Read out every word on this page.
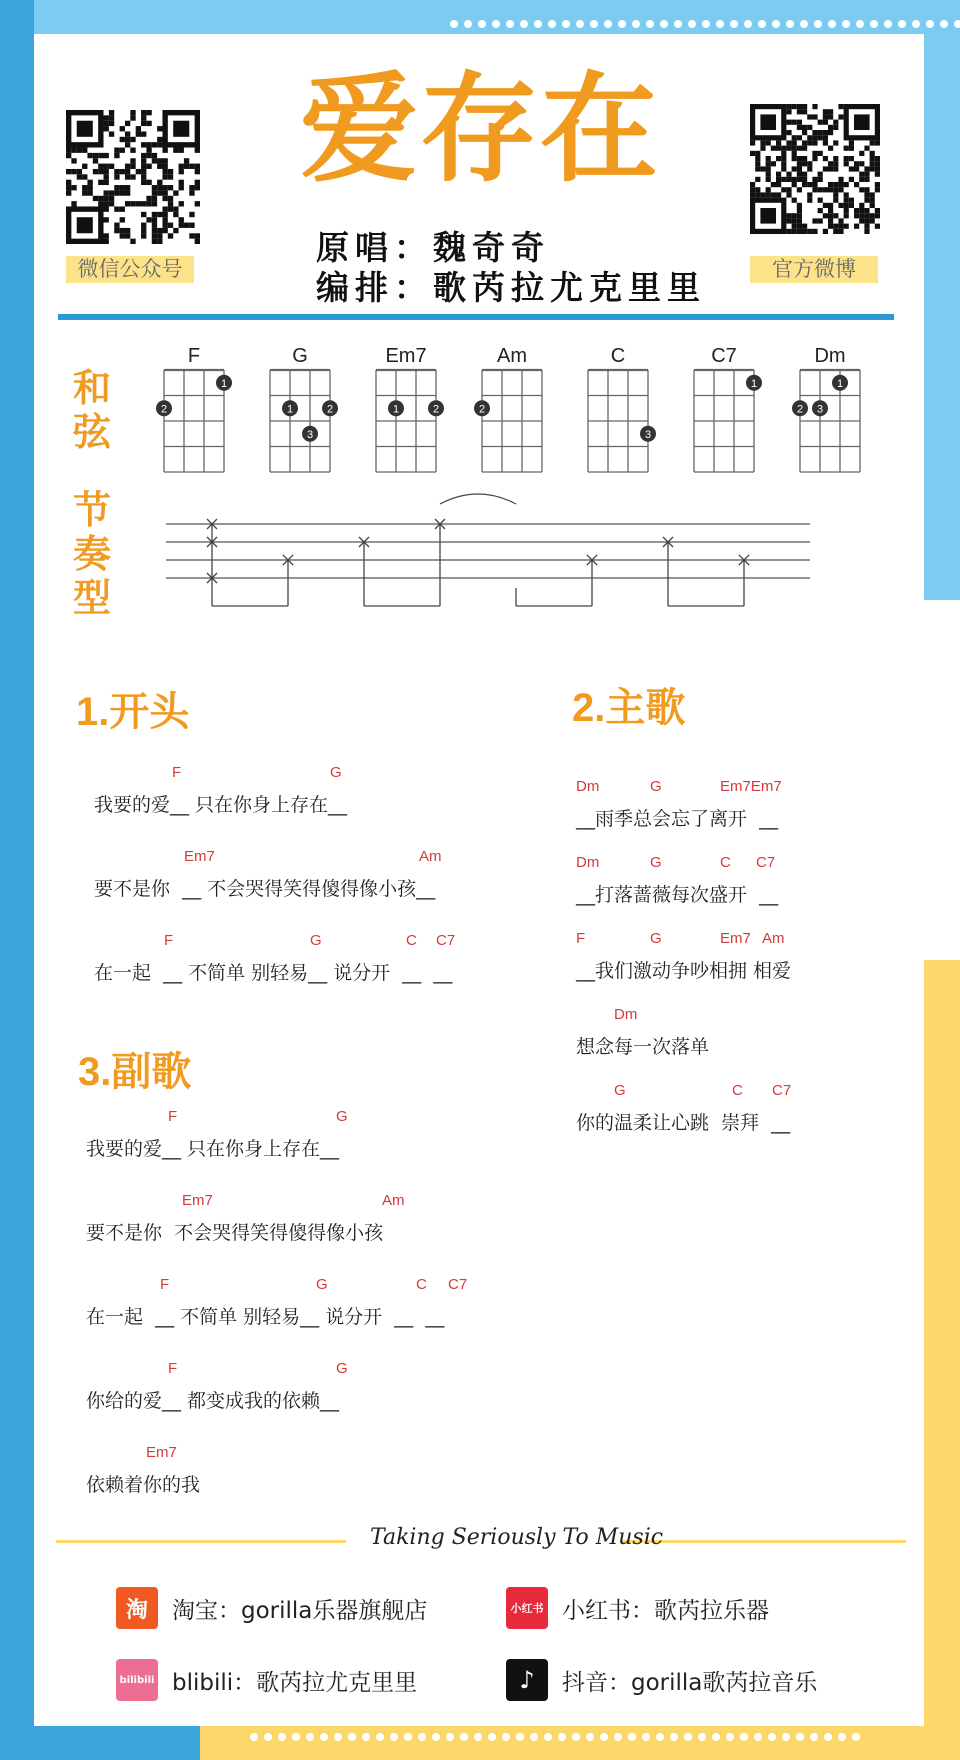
微信公众号	官方微博
爱存在
原唱：魏奇奇
编排：歌芮拉尤克里里
和弦
节奏型
F
2
1
G
1
3
2
Em7
1	2
Am
2
C
3
C7
1
Dm
2 3
1
1.开头
我要的爱__ 只在你身上存在__
F	G
要不是你  __ 不会哭得笑得傻得像小孩__
Em7	Am
在一起  __ 不简单 别轻易__ 说分开  __  __
F	G	C C7
2.主歌
__雨季总会忘了离开  __
Dm	G	Em7Em7
__打落蔷薇每次盛开  __
Dm	G	C C7
__我们激动争吵相拥 相爱
F	G	Em7 Am
想念每一次落单
Dm
你的温柔让心跳  崇拜  __
G	C C7
3.副歌
我要的爱__ 只在你身上存在__
F	G
要不是你  不会哭得笑得傻得像小孩
Em7	Am
在一起  __ 不简单 别轻易__ 说分开  __  __
F	G	C C7
你给的爱__ 都变成我的依赖__
F	G
依赖着你的我
Em7
Taking Seriously To Music
淘	淘宝：gorilla乐器旗舰店	小红书 小红书：歌芮拉乐器
bilibili blibili：歌芮拉尤克里里	♪	抖音：gorilla歌芮拉音乐
